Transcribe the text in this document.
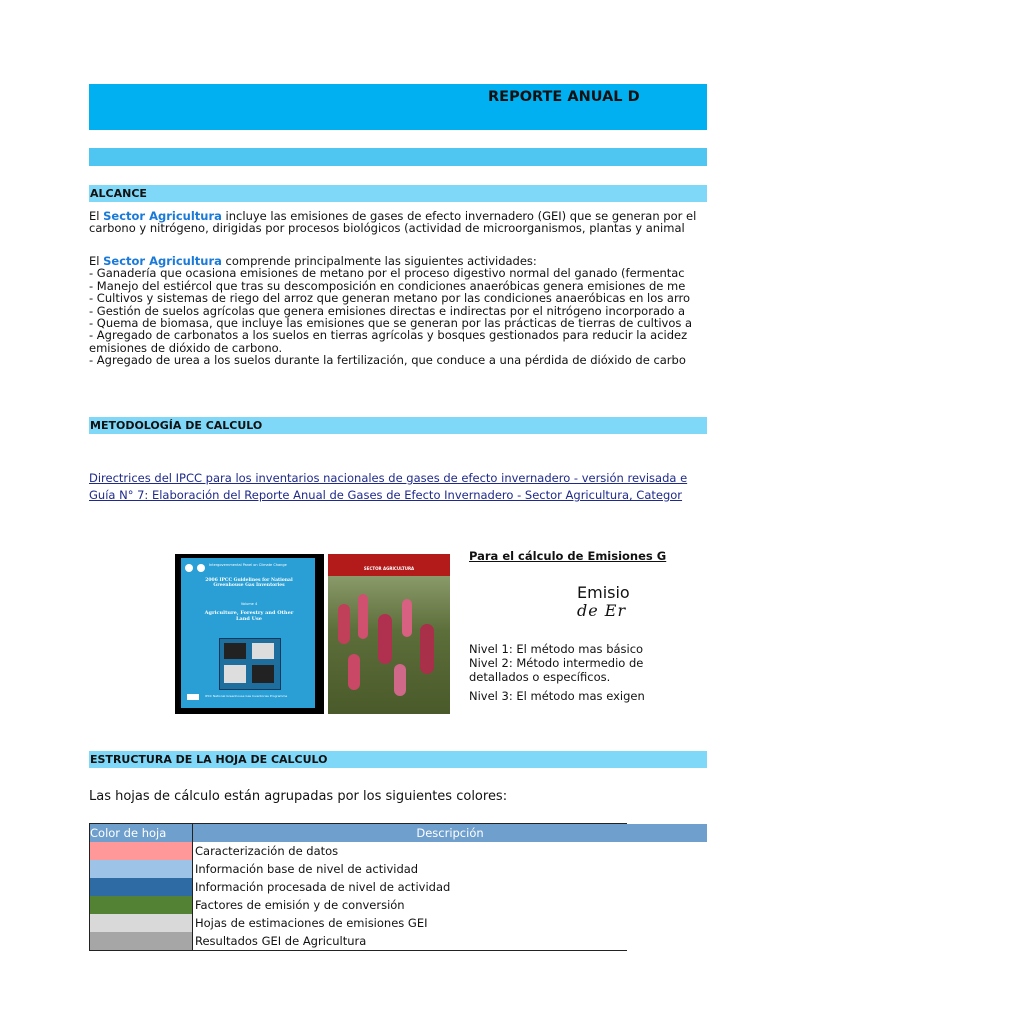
REPORTE ANUAL D
ALCANCE
El Sector Agricultura incluye las emisiones de gases de efecto invernadero (GEI) que se generan por el
carbono y nitrógeno, dirigidas por procesos biológicos (actividad de microorganismos, plantas y animal
El Sector Agricultura comprende principalmente las siguientes actividades:
- Ganadería que ocasiona emisiones de metano por el proceso digestivo normal del ganado (fermentac
- Manejo del estiércol que tras su descomposición en condiciones anaeróbicas genera emisiones de me
- Cultivos y sistemas de riego del arroz que generan metano por las condiciones anaeróbicas en los arro
- Gestión de suelos agrícolas que genera emisiones directas e indirectas por el nitrógeno incorporado a
- Quema de biomasa, que incluye las emisiones que se generan por las prácticas de tierras de cultivos a
- Agregado de carbonatos a los suelos en tierras agrícolas y bosques gestionados para reducir la acidez
emisiones de dióxido de carbono.
- Agregado de urea a los suelos durante la fertilización, que conduce a una pérdida de dióxido de carbo
METODOLOGÍA DE CALCULO
Directrices del IPCC para los inventarios nacionales de gases de efecto invernadero - versión revisada e
Guía N° 7: Elaboración del Reporte Anual de Gases de Efecto Invernadero - Sector Agricultura, Categor
Intergovernmental Panel on Climate Change
2006 IPCC Guidelines for National Greenhouse Gas Inventories
Volume 4
Agriculture, Forestry and Other Land Use
IPCC National Greenhouse Gas Inventories Programme
SECTOR AGRICULTURA
Para el cálculo de Emisiones G
Emisio
de Er
Nivel 1: El método mas básico
Nivel 2: Método intermedio de
detallados o específicos.
Nivel 3: El método mas exigen
ESTRUCTURA DE LA HOJA DE CALCULO
Las hojas de cálculo están agrupadas por los siguientes colores:
Color de hoja	Descripción
Caracterización de datos
Información base de nivel de actividad
Información procesada de nivel de actividad
Factores de emisión y de conversión
Hojas de estimaciones de emisiones GEI
Resultados GEI de Agricultura
